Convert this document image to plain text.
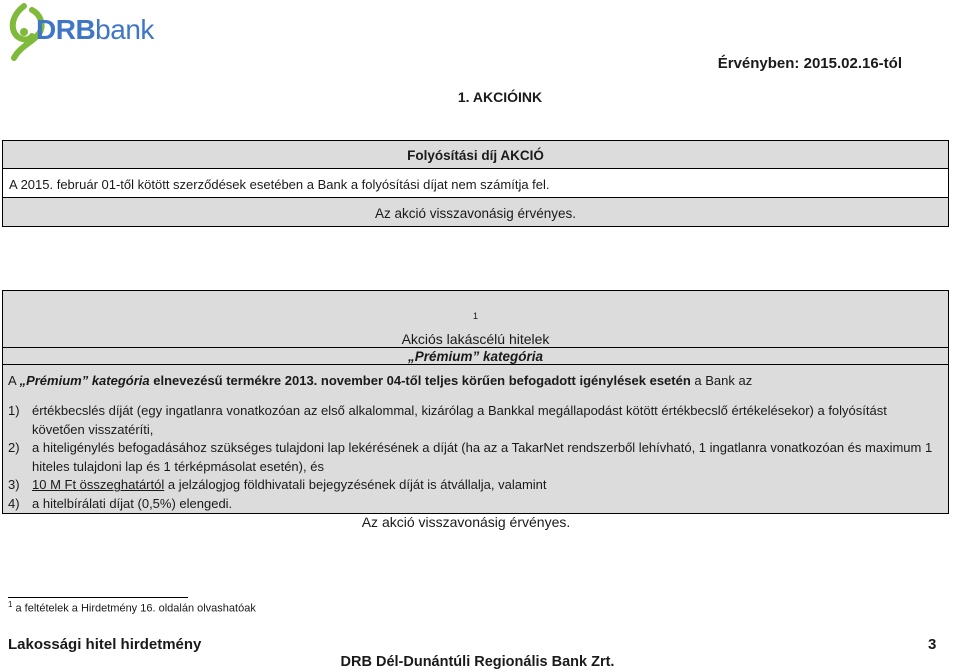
DRBbank
Érvényben: 2015.02.16-tól
1. AKCIÓINK
Folyósítási díj AKCIÓ
A 2015. február 01-től kötött szerződések esetében a Bank a folyósítási díjat nem számítja fel.
Az akció visszavonásig érvényes.
Akciós lakáscélú hitelek
$^1$
„Prémium” kategória
A „Prémium” kategória elnevezésű termékre 2013. november 04-től teljes körűen befogadott igénylések esetén a Bank az
1) értékbecslés díját (egy ingatlanra vonatkozóan az első alkalommal, kizárólag a Bankkal megállapodást kötött értékbecslő értékelésekor) a folyósítást követően visszatéríti,
2) a hiteligénylés befogadásához szükséges tulajdoni lap lekérésének a díját (ha az a TakarNet rendszerből lehívható, 1 ingatlanra vonatkozóan és maximum 1 hiteles tulajdoni lap és 1 térképmásolat esetén), és
3) 10 M Ft összeghatártól a jelzálogjog földhivatali bejegyzésének díját is átvállalja, valamint
4) a hitelbírálati díjat (0,5%) elengedi.
Az akció visszavonásig érvényes.
$^1$ a feltételek a Hirdetmény 16. oldalán olvashatóak
Lakossági hitel hirdetmény	3
DRB Dél-Dunántúli Regionális Bank Zrt.
